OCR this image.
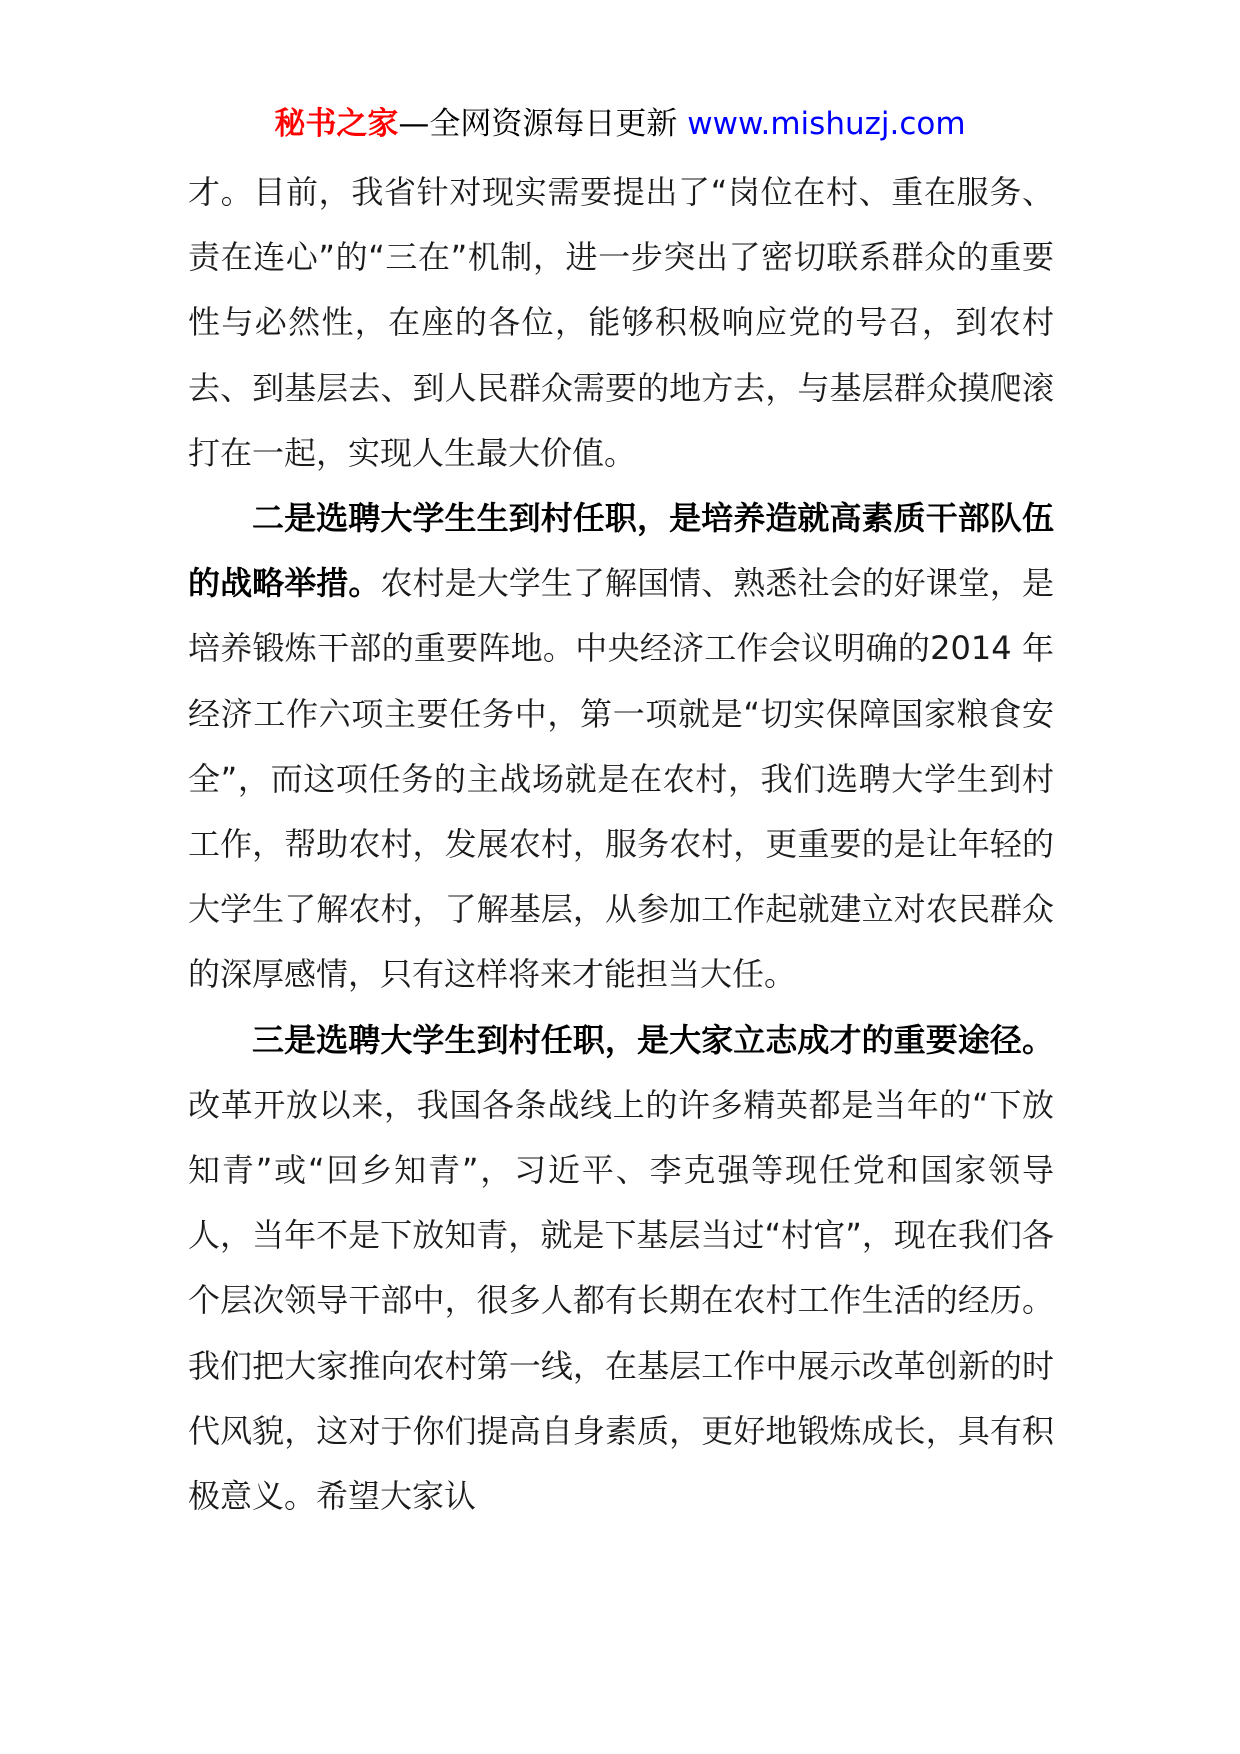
秘书之家—全网资源每日更新 www.mishuzj.com

才。目前，我省针对现实需要提出了“岗位在村、重在服务、责在连心”的“三在”机制，进一步突出了密切联系群众的重要性与必然性，在座的各位，能够积极响应党的号召，到农村去、到基层去、到人民群众需要的地方去，与基层群众摸爬滚打在一起，实现人生最大价值。

二是选聘大学生生到村任职，是培养造就高素质干部队伍的战略举措。农村是大学生了解国情、熟悉社会的好课堂，是培养锻炼干部的重要阵地。中央经济工作会议明确的2014 年经济工作六项主要任务中，第一项就是“切实保障国家粮食安全”，而这项任务的主战场就是在农村，我们选聘大学生到村工作，帮助农村，发展农村，服务农村，更重要的是让年轻的大学生了解农村，了解基层，从参加工作起就建立对农民群众的深厚感情，只有这样将来才能担当大任。

三是选聘大学生到村任职，是大家立志成才的重要途径。改革开放以来，我国各条战线上的许多精英都是当年的“下放知青”或“回乡知青”，习近平、李克强等现任党和国家领导人，当年不是下放知青，就是下基层当过“村官”，现在我们各个层次领导干部中，很多人都有长期在农村工作生活的经历。我们把大家推向农村第一线，在基层工作中展示改革创新的时代风貌，这对于你们提高自身素质，更好地锻炼成长，具有积极意义。希望大家认
